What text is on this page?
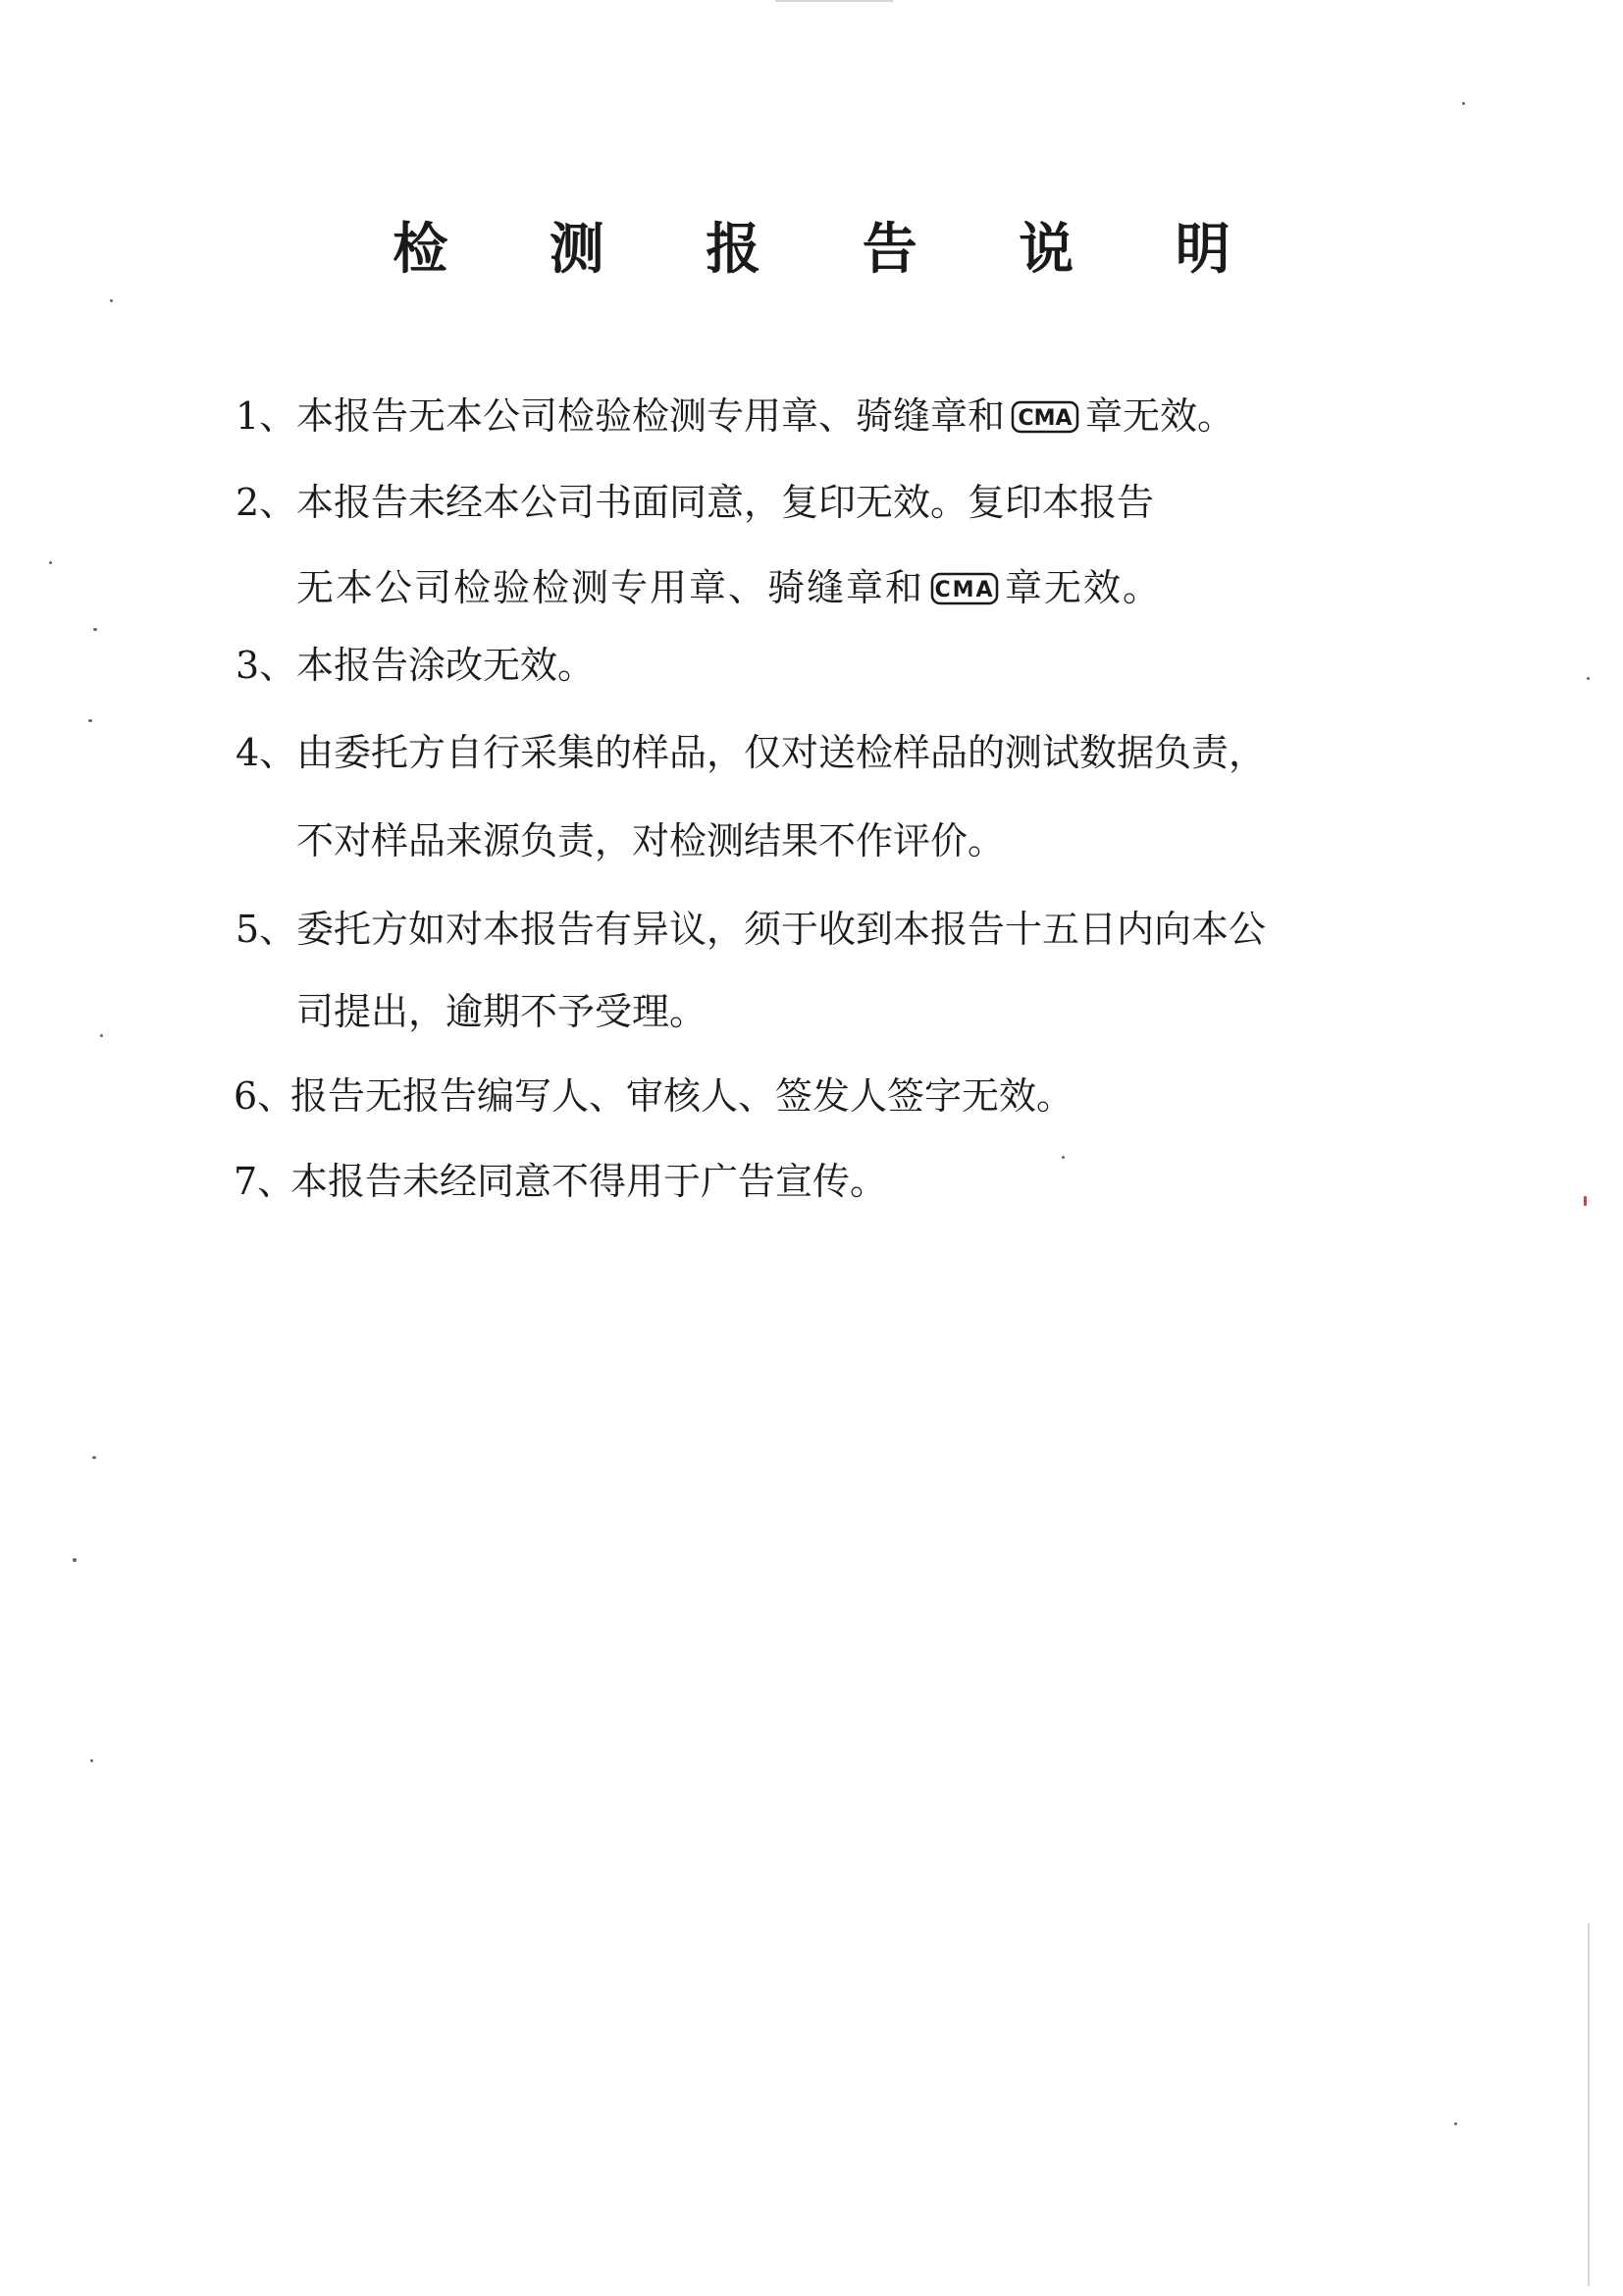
检 测 报 告 说 明
1、 本报告无本公司检验检测专用章、骑缝章和 CMA 章无效。
2、 本报告未经本公司书面同意，复印无效。复印本报告
无本公司检验检测专用章、骑缝章和 CMA 章无效。
3、 本报告涂改无效。
4、 由委托方自行采集的样品，仅对送检样品的测试数据负责，
不对样品来源负责，对检测结果不作评价。
5、 委托方如对本报告有异议，须于收到本报告十五日内向本公
司提出，逾期不予受理。
6、
报告无报告编写人、审核人、签发人签字无效。
7、
本报告未经同意不得用于广告宣传。
